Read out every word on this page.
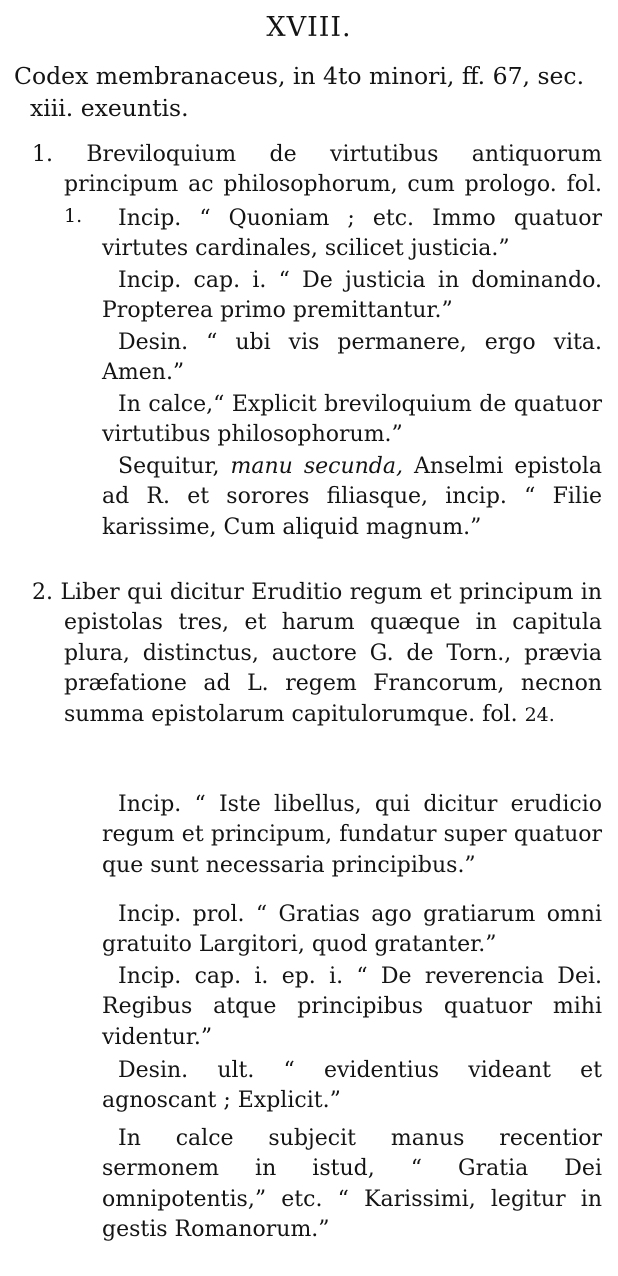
XVIII.
Codex membranaceus, in 4to minori, ff. 67, sec. xiii. exeuntis.
1. Breviloquium de virtutibus antiquorum principum ac philosophorum, cum prologo. fol. 1.	Incip. “ Quoniam ; etc. Immo quatuor virtutes cardinales, scilicet justicia.”
Incip. cap. i. “ De justicia in dominando. Propterea primo premittantur.”
Desin. “ ubi vis permanere, ergo vita. Amen.”
In calce,“ Explicit breviloquium de quatuor virtutibus philosophorum.”
Sequitur, manu secunda, Anselmi epistola ad R. et sorores filiasque, incip. “ Filie karissime, Cum aliquid magnum.”
2. Liber qui dicitur Eruditio regum et principum in epistolas tres, et harum quæque in capitula plura, distinctus, auctore G. de Torn., prævia præfatione ad L. regem Francorum, necnon summa epistolarum capitulorumque. fol. 24.
Incip. “ Iste libellus, qui dicitur erudicio regum et principum, fundatur super quatuor que sunt necessaria principibus.”
Incip. prol. “ Gratias ago gratiarum omni gratuito Largitori, quod gratanter.”
Incip. cap. i. ep. i. “ De reverencia Dei. Regibus atque principibus quatuor mihi videntur.”
Desin. ult. “ evidentius videant et agnoscant ; Explicit.”
In calce subjecit manus recentior sermonem in istud, “ Gratia Dei omnipotentis,” etc. “ Karissimi, legitur in gestis Romanorum.”
